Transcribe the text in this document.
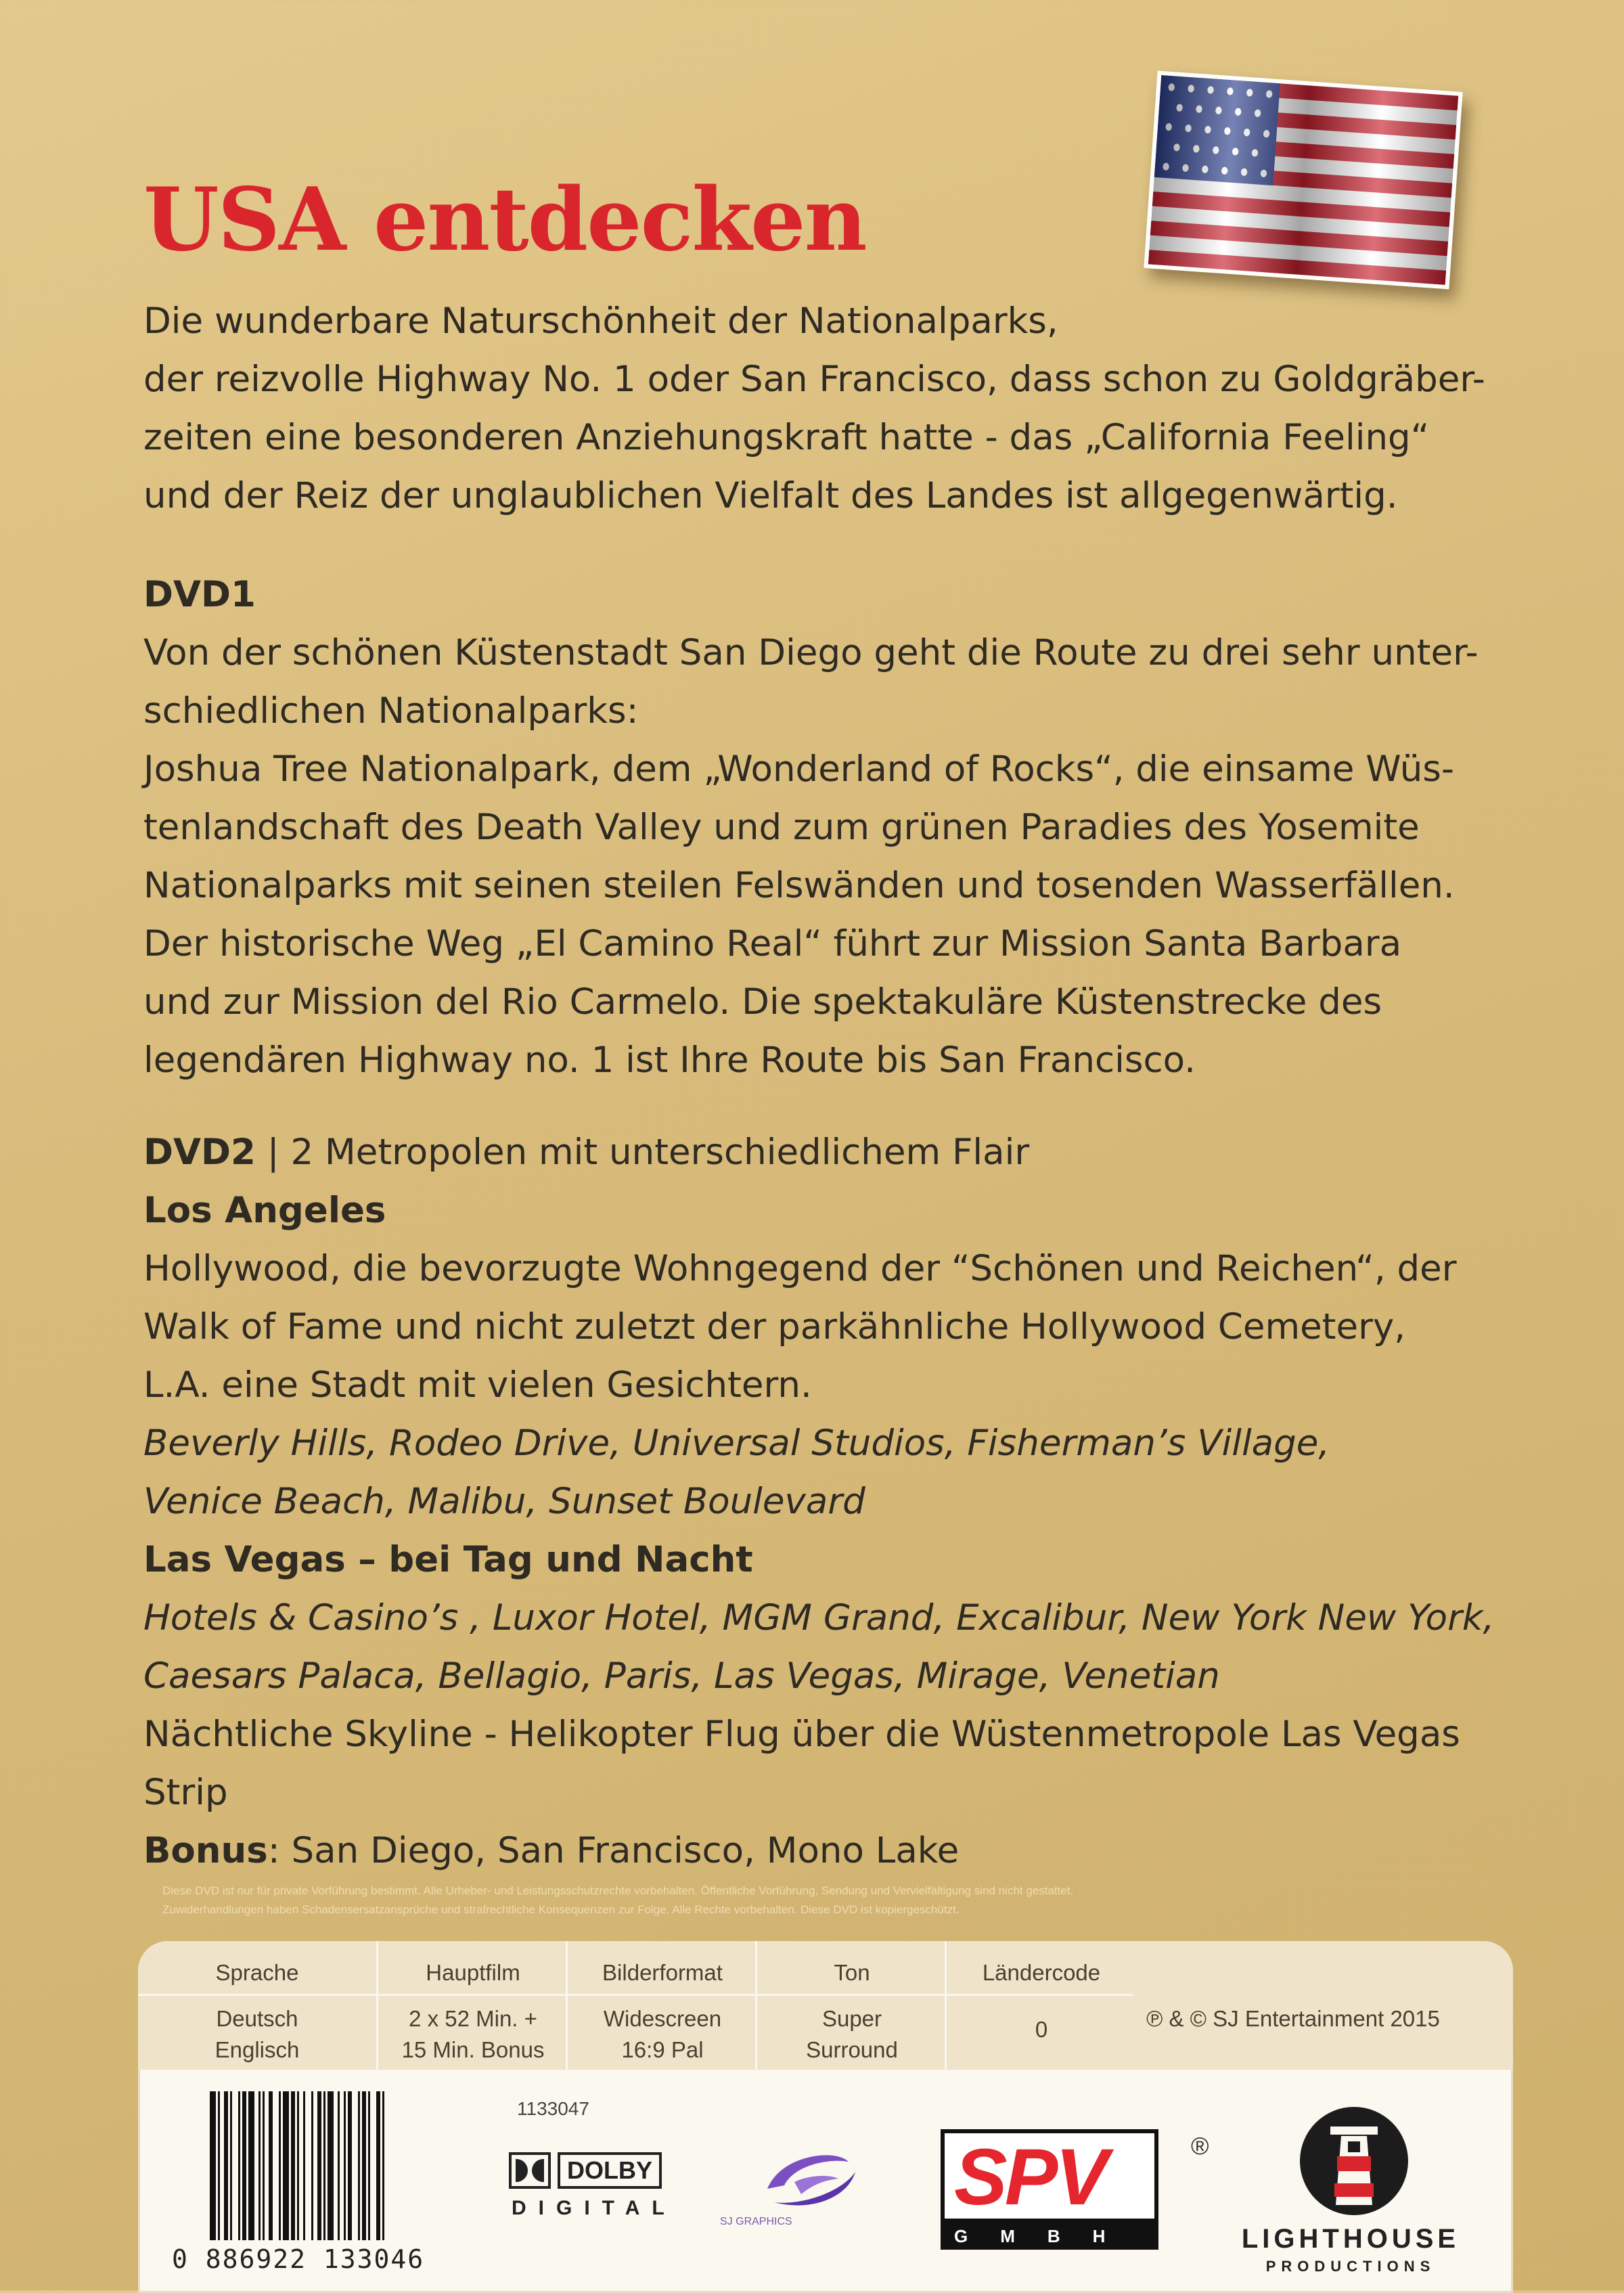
USA entdecken

Die wunderbare Naturschönheit der Nationalparks,

der reizvolle Highway No. 1 oder San Francisco, dass schon zu Goldgräber-

zeiten eine besonderen Anziehungskraft hatte - das „California Feeling“

und der Reiz der unglaublichen Vielfalt des Landes ist allgegenwärtig.

DVD1

Von der schönen Küstenstadt San Diego geht die Route zu drei sehr unter-

schiedlichen Nationalparks:

Joshua Tree Nationalpark, dem „Wonderland of Rocks“, die einsame Wüs-

tenlandschaft des Death Valley und zum grünen Paradies des Yosemite

Nationalparks mit seinen steilen Felswänden und tosenden Wasserfällen.

Der historische Weg „El Camino Real“ führt zur Mission Santa Barbara

und zur Mission del Rio Carmelo. Die spektakuläre Küstenstrecke des

legendären Highway no. 1 ist Ihre Route bis San Francisco.

DVD2 | 2 Metropolen mit unterschiedlichem Flair

Los Angeles

Hollywood, die bevorzugte Wohngegend der “Schönen und Reichen“, der

Walk of Fame und nicht zuletzt der parkähnliche Hollywood Cemetery,

L.A. eine Stadt mit vielen Gesichtern.

Beverly Hills, Rodeo Drive, Universal Studios, Fisherman’s Village,

Venice Beach, Malibu, Sunset Boulevard

Las Vegas – bei Tag und Nacht

Hotels & Casino’s , Luxor Hotel, MGM Grand, Excalibur, New York New York,

Caesars Palaca, Bellagio, Paris, Las Vegas, Mirage, Venetian

Nächtliche Skyline - Helikopter Flug über die Wüstenmetropole Las Vegas Strip

Bonus: San Diego, San Francisco, Mono Lake

Diese DVD ist nur für private Vorführung bestimmt. Alle Urheber- und Leistungsschutzrechte vorbehalten. Öffentliche Vorführung, Sendung und Vervielfältigung sind nicht gestattet.
Zuwiderhandlungen haben Schadensersatzansprüche und strafrechtliche Konsequenzen zur Folge. Alle Rechte vorbehalten. Diese DVD ist kopiergeschützt.
Sprache
Deutsch
Englisch
Hauptfilm
2 x 52 Min. +
15 Min. Bonus
Bilderformat
Widescreen
16:9 Pal
Ton
Super
Surround
Ländercode
0	℗ & © SJ Entertainment 2015
0 886922 133046
1133047
DOLBY
DIGITAL
SJ GRAPHICS SPV
GMBH
®
LIGHTHOUSE
PRODUCTIONS
